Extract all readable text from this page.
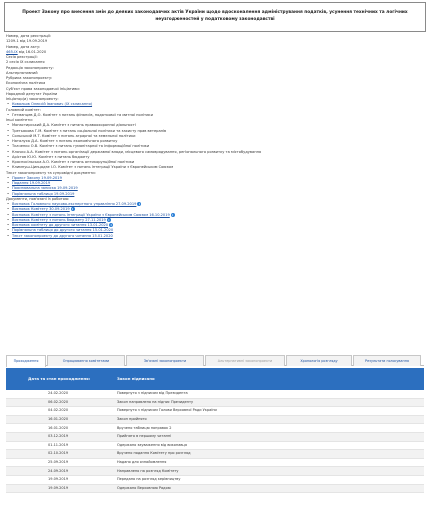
Проект Закону про внесення змін до деяких законодавчих актів України щодо вдосконалення адміністрування податків, усунення технічних та логічних неузгодженостей у податковому законодавстві
Номер, дата реєстрації:
1209-1 від 19.09.2019
Номер, дата акту:
465-IX від 16.01.2020
Сесія реєстрації:
2 сесія IX скликання
Редакція законопроекту:
Альтернативний
Рубрика законопроекту:
Економічна політика
Суб'єкт права законодавчої ініціативи:
Народний депутат України
Ініціатор(и) законопроекту:
• Ковальов Олексій Іванович (IX скликання)
Головний комітет:
• Гетманцев Д.О. Комітет з питань фінансів, податкової та митної політики
Інші комітети:
• Монастирський Д.А. Комітет з питань правоохоронної діяльності
• Третьякова Г.М. Комітет з питань соціальної політики та захисту прав ветеранів
• Сольський М.Т. Комітет з питань аграрної та земельної політики
• Наталуха Д.А. Комітет з питань економічного розвитку
• Ткаченко О.В. Комітет з питань гуманітарної та інформаційної політики
• Клочко А.А. Комітет з питань організації державної влади, місцевого самоврядування, регіонального розвитку та містобудування
• Арістов Ю.Ю. Комітет з питань бюджету
• Красносільська А.О. Комітет з питань антикорупційної політики
• Климпуш-Цинцадзе І.О. Комітет з питань інтеграції України з Європейським Союзом
Текст законопроекту та супровідні документи:
• Проект Закону 19.09.2019
• Подання 19.09.2019
• Пояснювальна записка 19.09.2019
• Порівняльна таблиця 19.09.2019
Документи, пов'язані із роботою:
• Висновок Головного науково-експертного управління 27.09.2019 i
• Висновок Комітету 30.09.2019 i
• Висновок Комітету з питань інтеграції України з Європейським Союзом 16.10.2019 i
• Висновок Комітету з питань бюджету 27.11.2019 i
• Висновок комітету до другого читання 13.01.2020 i
• Порівняльна таблиця до другого читання 15.01.2020
• Текст законопроекту до другого читання 15.01.2020
Проходження	Опрацювання комітетами	Зв'язані законопроекти	Альтернативні законопроекти	Хронологія розгляду	Результати голосування
Дата та стан проходження:	Закон підписано
24.02.2020	Повернуто з підписом від Президента
06.02.2020	Закон направлено на підпис Президенту
04.02.2020	Повернуто з підписом Голови Верховної Ради України
16.01.2020	Закон прийнято
16.01.2020	Вручено таблицю поправок 2
03.12.2019	Прийнято в першому читанні
01.11.2019	Одержано зауваження від виконавця
02.10.2019	Вручено подання Комітету про розгляд
25.09.2019	Надано для ознайомлення
24.09.2019	Направлено на розгляд Комітету
19.09.2019	Передано на розгляд керівництву
19.09.2019	Одержано Верховною Радою
